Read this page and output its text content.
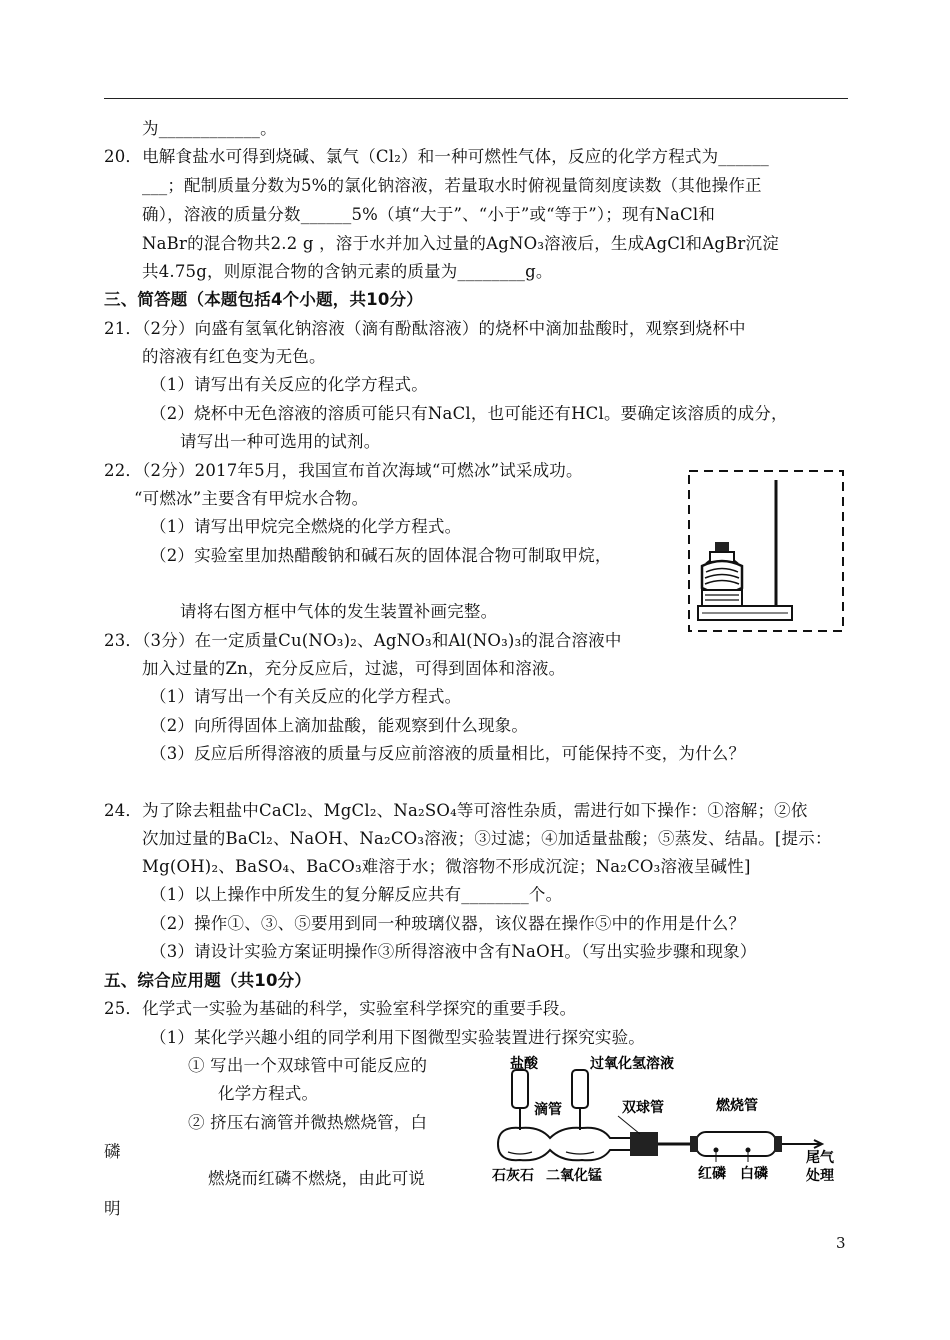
为____________。
20．电解食盐水可得到烧碱、氯气（Cl₂）和一种可燃性气体，反应的化学方程式为______
___；配制质量分数为5%的氯化钠溶液，若量取水时俯视量筒刻度读数（其他操作正
确），溶液的质量分数______5%（填“大于”、“小于”或“等于”）；现有NaCl和
NaBr的混合物共2.2 g ，溶于水并加入过量的AgNO₃溶液后，生成AgCl和AgBr沉淀
共4.75g，则原混合物的含钠元素的质量为________g。
三、简答题（本题包括4个小题，共10分）
21．（2分）向盛有氢氧化钠溶液（滴有酚酞溶液）的烧杯中滴加盐酸时，观察到烧杯中
的溶液有红色变为无色。
（1）请写出有关反应的化学方程式。
（2）烧杯中无色溶液的溶质可能只有NaCl，也可能还有HCl。要确定该溶质的成分，
请写出一种可选用的试剂。
22．（2分）2017年5月，我国宣布首次海域“可燃冰”试采成功。
“可燃冰”主要含有甲烷水合物。
（1）请写出甲烷完全燃烧的化学方程式。
（2）实验室里加热醋酸钠和碱石灰的固体混合物可制取甲烷，
请将右图方框中气体的发生装置补画完整。
23．（3分）在一定质量Cu(NO₃)₂、AgNO₃和Al(NO₃)₃的混合溶液中
加入过量的Zn，充分反应后，过滤，可得到固体和溶液。
（1）请写出一个有关反应的化学方程式。
（2）向所得固体上滴加盐酸，能观察到什么现象。
（3）反应后所得溶液的质量与反应前溶液的质量相比，可能保持不变，为什么？
24．为了除去粗盐中CaCl₂、MgCl₂、Na₂SO₄等可溶性杂质，需进行如下操作：①溶解；②依
次加过量的BaCl₂、NaOH、Na₂CO₃溶液；③过滤；④加适量盐酸；⑤蒸发、结晶。[提示：
Mg(OH)₂、BaSO₄、BaCO₃难溶于水；微溶物不形成沉淀；Na₂CO₃溶液呈碱性]
（1）以上操作中所发生的复分解反应共有________个。
（2）操作①、③、⑤要用到同一种玻璃仪器，该仪器在操作⑤中的作用是什么？
（3）请设计实验方案证明操作③所得溶液中含有NaOH。（写出实验步骤和现象）
五、综合应用题（共10分）
25．化学式一实验为基础的科学，实验室科学探究的重要手段。
（1）某化学兴趣小组的同学利用下图微型实验装置进行探究实验。
① 写出一个双球管中可能反应的
化学方程式。
② 挤压右滴管并微热燃烧管，白
磷
燃烧而红磷不燃烧，由此可说
明
盐酸	过氧化氢溶液
滴管	双球管	燃烧管
石灰石 二氧化锰	红磷 白磷
尾气
处理
3
